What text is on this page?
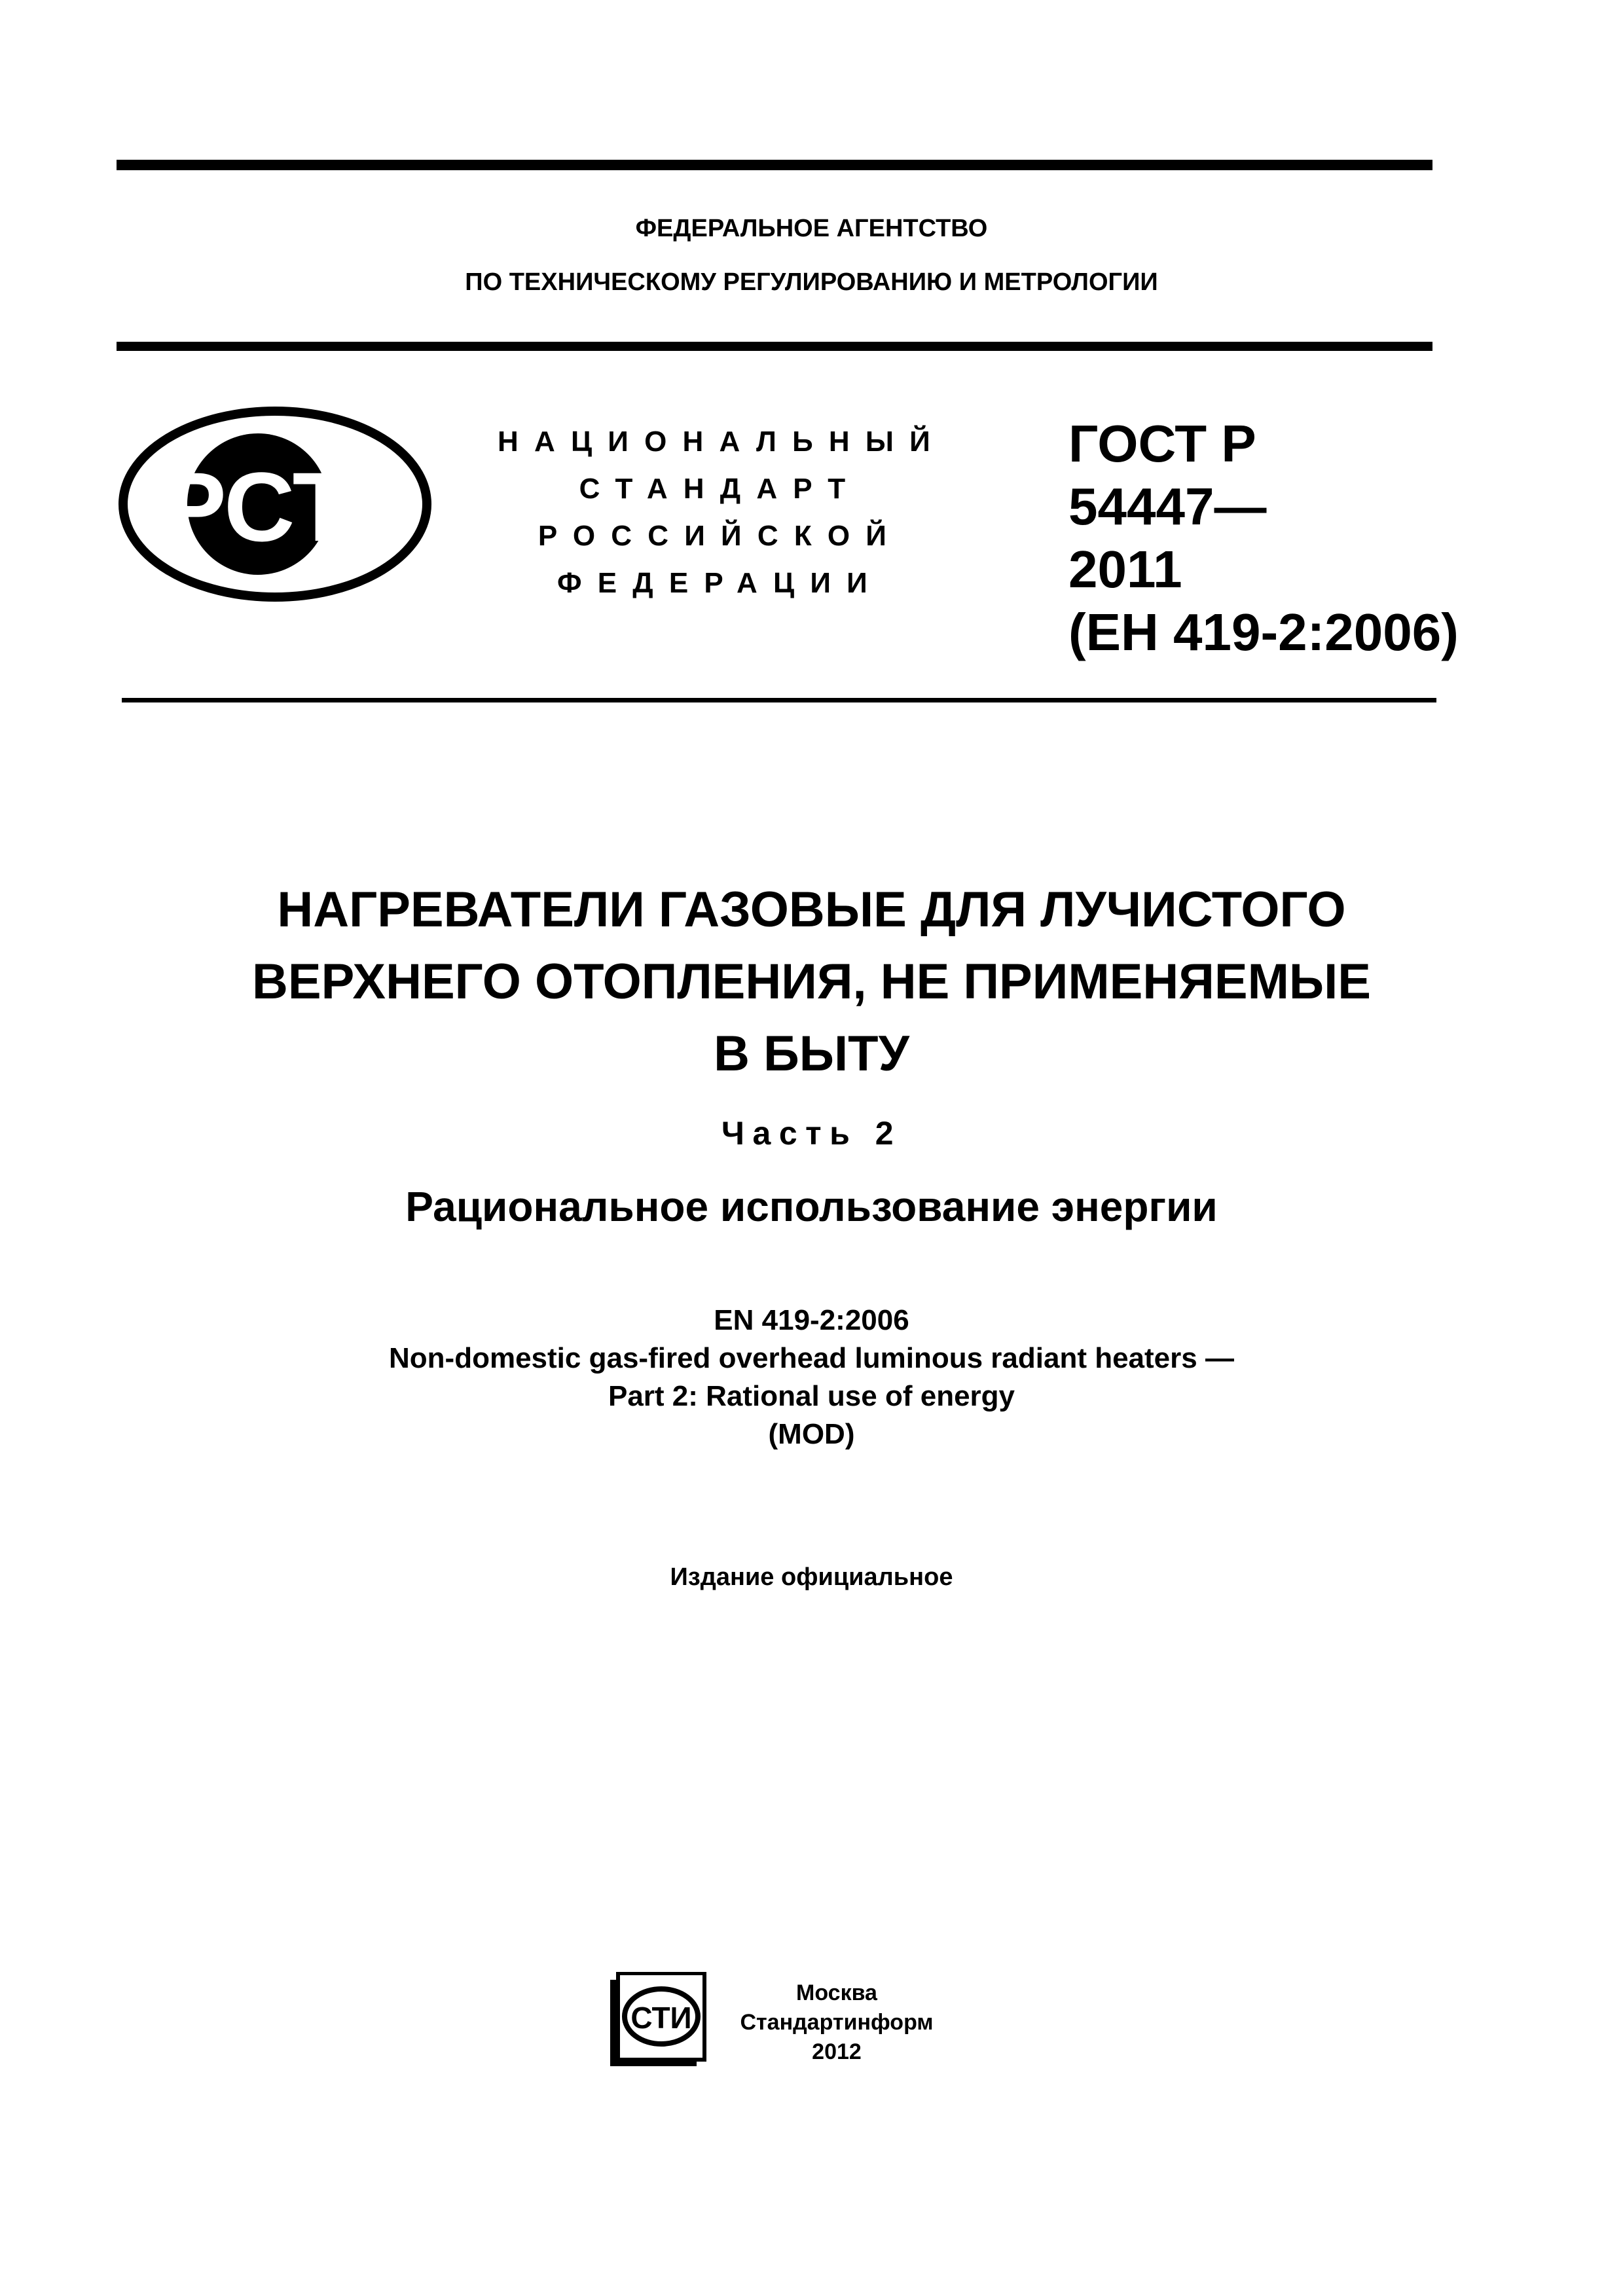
ФЕДЕРАЛЬНОЕ АГЕНТСТВО
ПО ТЕХНИЧЕСКОМУ РЕГУЛИРОВАНИЮ И МЕТРОЛОГИИ
РСТ
НАЦИОНАЛЬНЫЙ
СТАНДАРТ
РОССИЙСКОЙ
ФЕДЕРАЦИИ
ГОСТ Р
54447—
2011
(ЕН 419-2:2006)
НАГРЕВАТЕЛИ ГАЗОВЫЕ ДЛЯ ЛУЧИСТОГО
ВЕРХНЕГО ОТОПЛЕНИЯ, НЕ ПРИМЕНЯЕМЫЕ
В БЫТУ
Часть 2
Рациональное использование энергии
EN 419-2:2006
Non-domestic gas-fired overhead luminous radiant heaters —
Part 2: Rational use of energy
(MOD)
Издание официальное
СТИ
Москва
Стандартинформ
2012
